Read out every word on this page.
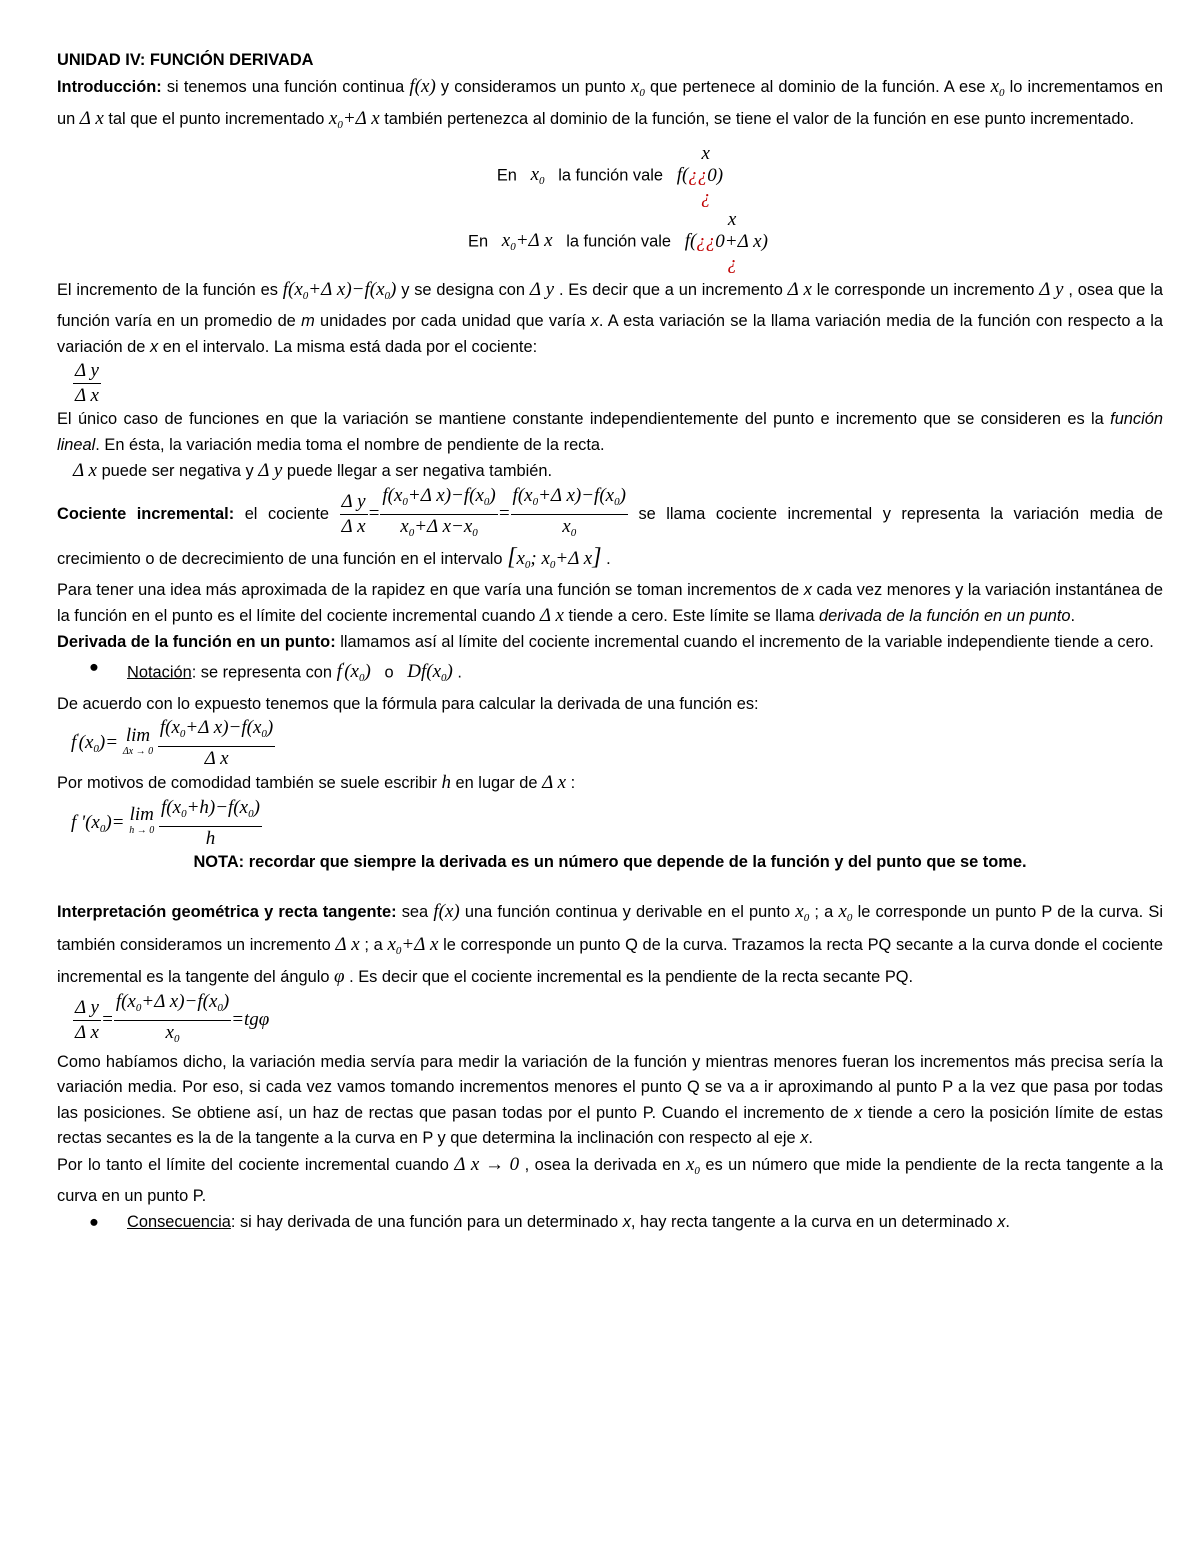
UNIDAD IV: FUNCIÓN DERIVADA

Introducción: si tenemos una función continua f(x) y consideramos un punto $x_0$ que pertenece al dominio de la función. A ese $x_0$ lo incrementamos en un Δ x tal que el punto incrementado $x_0+\Delta$ x también pertenezca al dominio de la función, se tiene el valor de la función en ese punto incrementado.

En $x_0$ la función vale f(
x
¿¿0)
¿

En $x_0+\Delta$ x la función vale f(
x
¿¿0+Δ x)
¿

El incremento de la función es $f(x_0+\Delta$ $x)-f(x_0)$ y se designa con Δ y . Es decir que a un incremento Δ x le corresponde un incremento Δ y , osea que la función varía en un promedio de m unidades por cada unidad que varía x. A esta variación se la llama variación media de la función con respecto a la variación de x en el intervalo. La misma está dada por el cociente:

$\frac{\text{Δ y}}{\text{Δ x}}$

El único caso de funciones en que la variación se mantiene constante independientemente del punto e incremento que se consideren es la función lineal. En ésta, la variación media toma el nombre de pendiente de la recta.

Δ x puede ser negativa y Δ y puede llegar a ser negativa también.

Cociente incremental: el cociente $\frac{\text{Δ y}}{\text{Δ x}} = \frac{f(x_0+\Delta x)-f(x_0)}{x_0+\Delta x-x_0} = \frac{f(x_0+\Delta x)-f(x_0)}{x_0}$ se llama cociente incremental y representa la variación media de crecimiento o de decrecimiento de una función en el intervalo [$x_0$; $x_0+\Delta$ x] .

Para tener una idea más aproximada de la rapidez en que varía una función se toman incrementos de x cada vez menores y la variación instantánea de la función en el punto es el límite del cociente incremental cuando Δ x tiende a cero. Este límite se llama derivada de la función en un punto.

Derivada de la función en un punto: llamamos así al límite del cociente incremental cuando el incremento de la variable independiente tiende a cero.

● Notación: se representa con $f'(x_0)$ o $Df(x_0)$ .

De acuerdo con lo expuesto tenemos que la fórmula para calcular la derivada de una función es:

$f'(x_0)= \lim$
Δx → 0
$\frac{f(x_0+\Delta x)-f(x_0)}{\text{Δ x}}$

Por motivos de comodidad también se suele escribir h en lugar de Δ x :

f '$(x_0)= \lim$
h → 0
$\frac{f(x_0+h)-f(x_0)}{h}$

NOTA: recordar que siempre la derivada es un número que depende de la función y del punto que se tome.

Interpretación geométrica y recta tangente: sea f(x) una función continua y derivable en el punto $x_0$ ; a $x_0$ le corresponde un punto P de la curva. Si también consideramos un incremento Δ x ; a $x_0+\Delta$ x le corresponde un punto Q de la curva. Trazamos la recta PQ secante a la curva donde el cociente incremental es la tangente del ángulo φ . Es decir que el cociente incremental es la pendiente de la recta secante PQ.

$\frac{\text{Δ y}}{\text{Δ x}} = \frac{f(x_0+\Delta x)-f(x_0)}{x_0} =tg\varphi$

Como habíamos dicho, la variación media servía para medir la variación de la función y mientras menores fueran los incrementos más precisa sería la variación media. Por eso, si cada vez vamos tomando incrementos menores el punto Q se va a ir aproximando al punto P a la vez que pasa por todas las posiciones. Se obtiene así, un haz de rectas que pasan todas por el punto P. Cuando el incremento de x tiende a cero la posición límite de estas rectas secantes es la de la tangente a la curva en P y que determina la inclinación con respecto al eje x.

Por lo tanto el límite del cociente incremental cuando Δ x → 0 , osea la derivada en $x_0$ es un número que mide la pendiente de la recta tangente a la curva en un punto P.

● Consecuencia: si hay derivada de una función para un determinado x, hay recta tangente a la curva en un determinado x.
